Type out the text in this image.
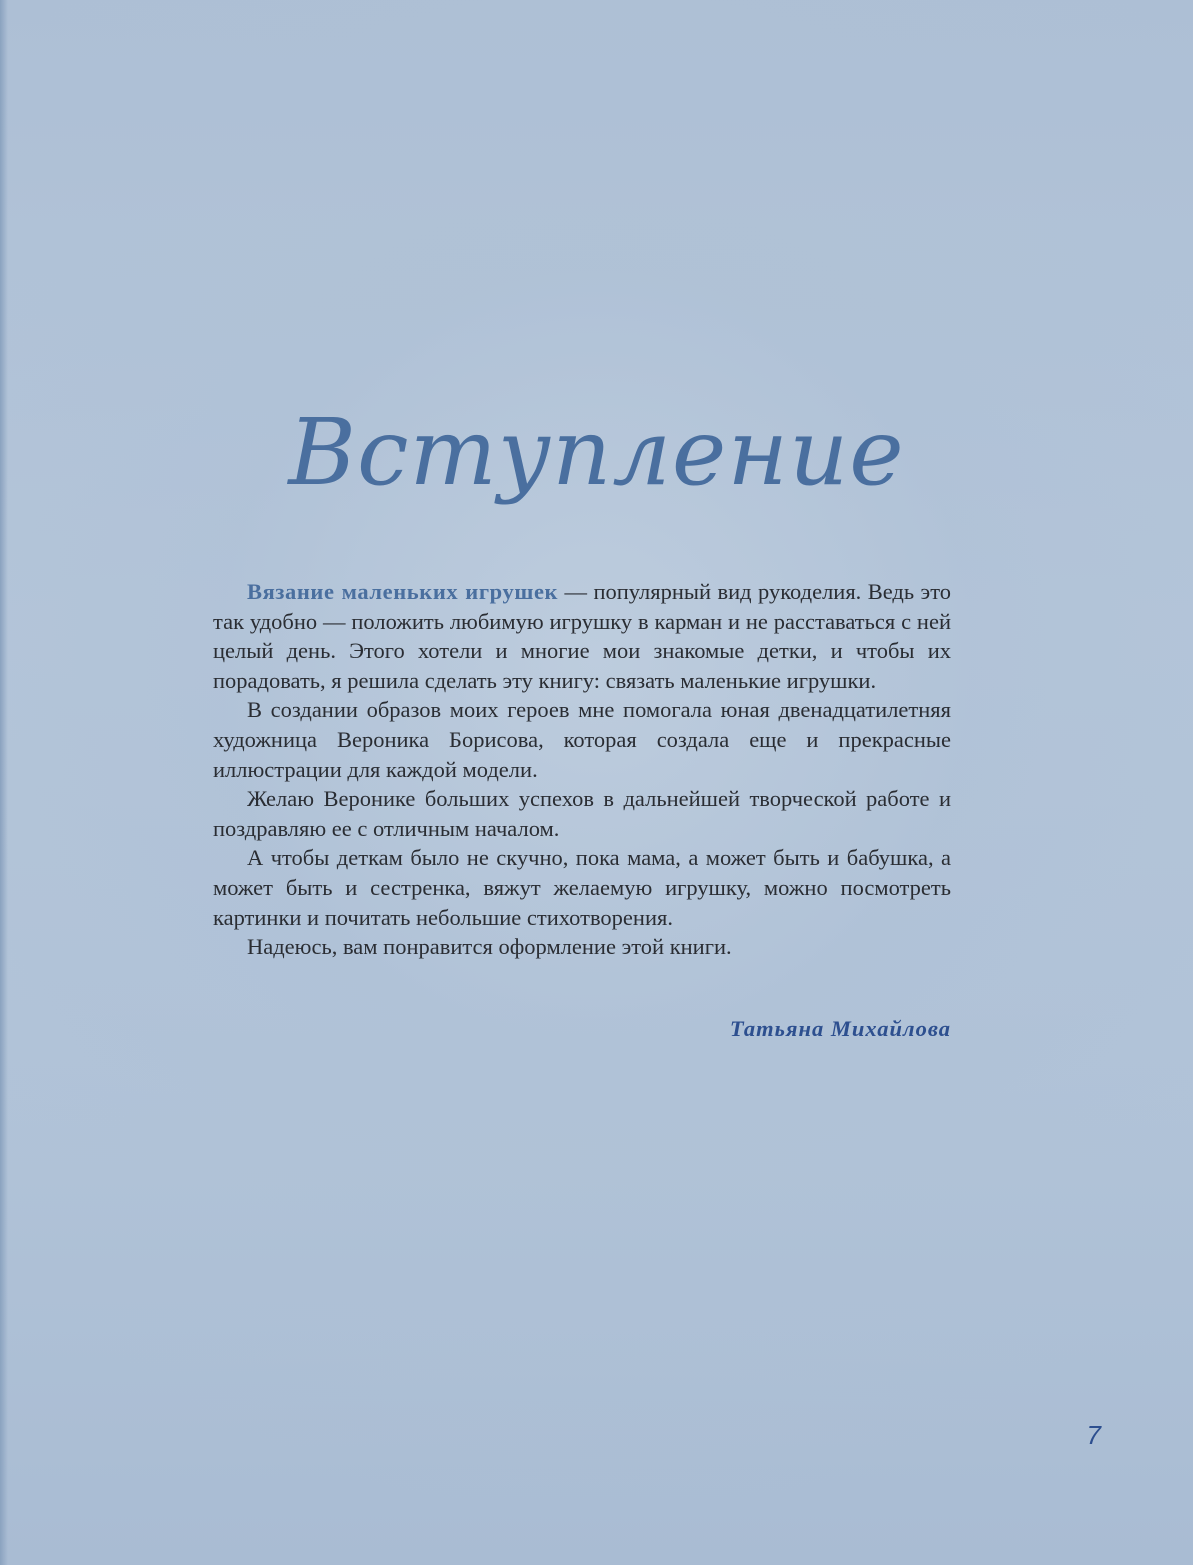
Вступление

Вязание маленьких игрушек — популярный вид рукоделия. Ведь это так удобно — положить любимую игрушку в карман и не расставаться с ней целый день. Этого хотели и многие мои знакомые детки, и чтобы их порадовать, я решила сделать эту книгу: связать маленькие игрушки.

В создании образов моих героев мне помогала юная двенадцатилетняя художница Вероника Борисова, которая создала еще и прекрасные иллюстрации для каждой модели.

Желаю Веронике больших успехов в дальнейшей творческой работе и поздравляю ее с отличным началом.

А чтобы деткам было не скучно, пока мама, а может быть и бабушка, а может быть и сестренка, вяжут желаемую игрушку, можно посмотреть картинки и почитать небольшие стихотворения.

Надеюсь, вам понравится оформление этой книги.

Татьяна Михайлова

7
